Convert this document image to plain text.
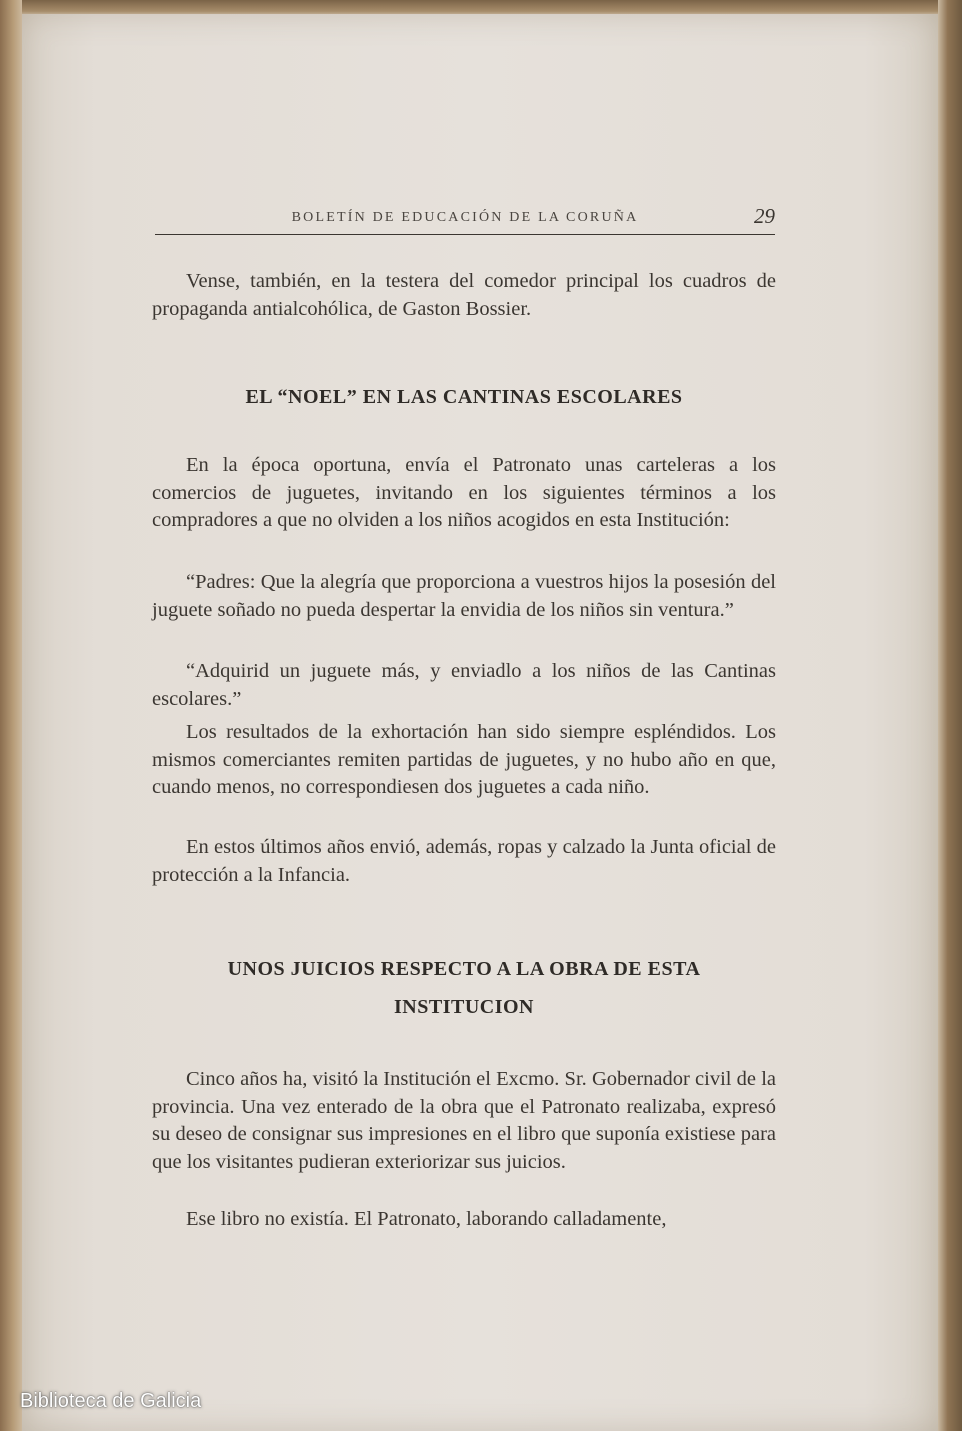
BOLETÍN DE EDUCACIÓN DE LA CORUÑA	29

Vense, también, en la testera del comedor principal los cuadros de propaganda antialcohólica, de Gaston Bossier.

EL “NOEL” EN LAS CANTINAS ESCOLARES

En la época oportuna, envía el Patronato unas carteleras a los comercios de juguetes, invitando en los siguientes términos a los compradores a que no olviden a los niños acogidos en esta Institución:

“Padres: Que la alegría que proporciona a vuestros hijos la posesión del juguete soñado no pueda despertar la envidia de los niños sin ventura.”

“Adquirid un juguete más, y enviadlo a los niños de las Cantinas escolares.”

Los resultados de la exhortación han sido siempre espléndidos. Los mismos comerciantes remiten partidas de juguetes, y no hubo año en que, cuando menos, no correspondiesen dos juguetes a cada niño.

En estos últimos años envió, además, ropas y calzado la Junta oficial de protección a la Infancia.

UNOS JUICIOS RESPECTO A LA OBRA DE ESTA
INSTITUCION

Cinco años ha, visitó la Institución el Excmo. Sr. Gobernador civil de la provincia. Una vez enterado de la obra que el Patronato realizaba, expresó su deseo de consignar sus impresiones en el libro que suponía existiese para que los visitantes pudieran exteriorizar sus juicios.

Ese libro no existía. El Patronato, laborando calladamente,

Biblioteca de Galicia
